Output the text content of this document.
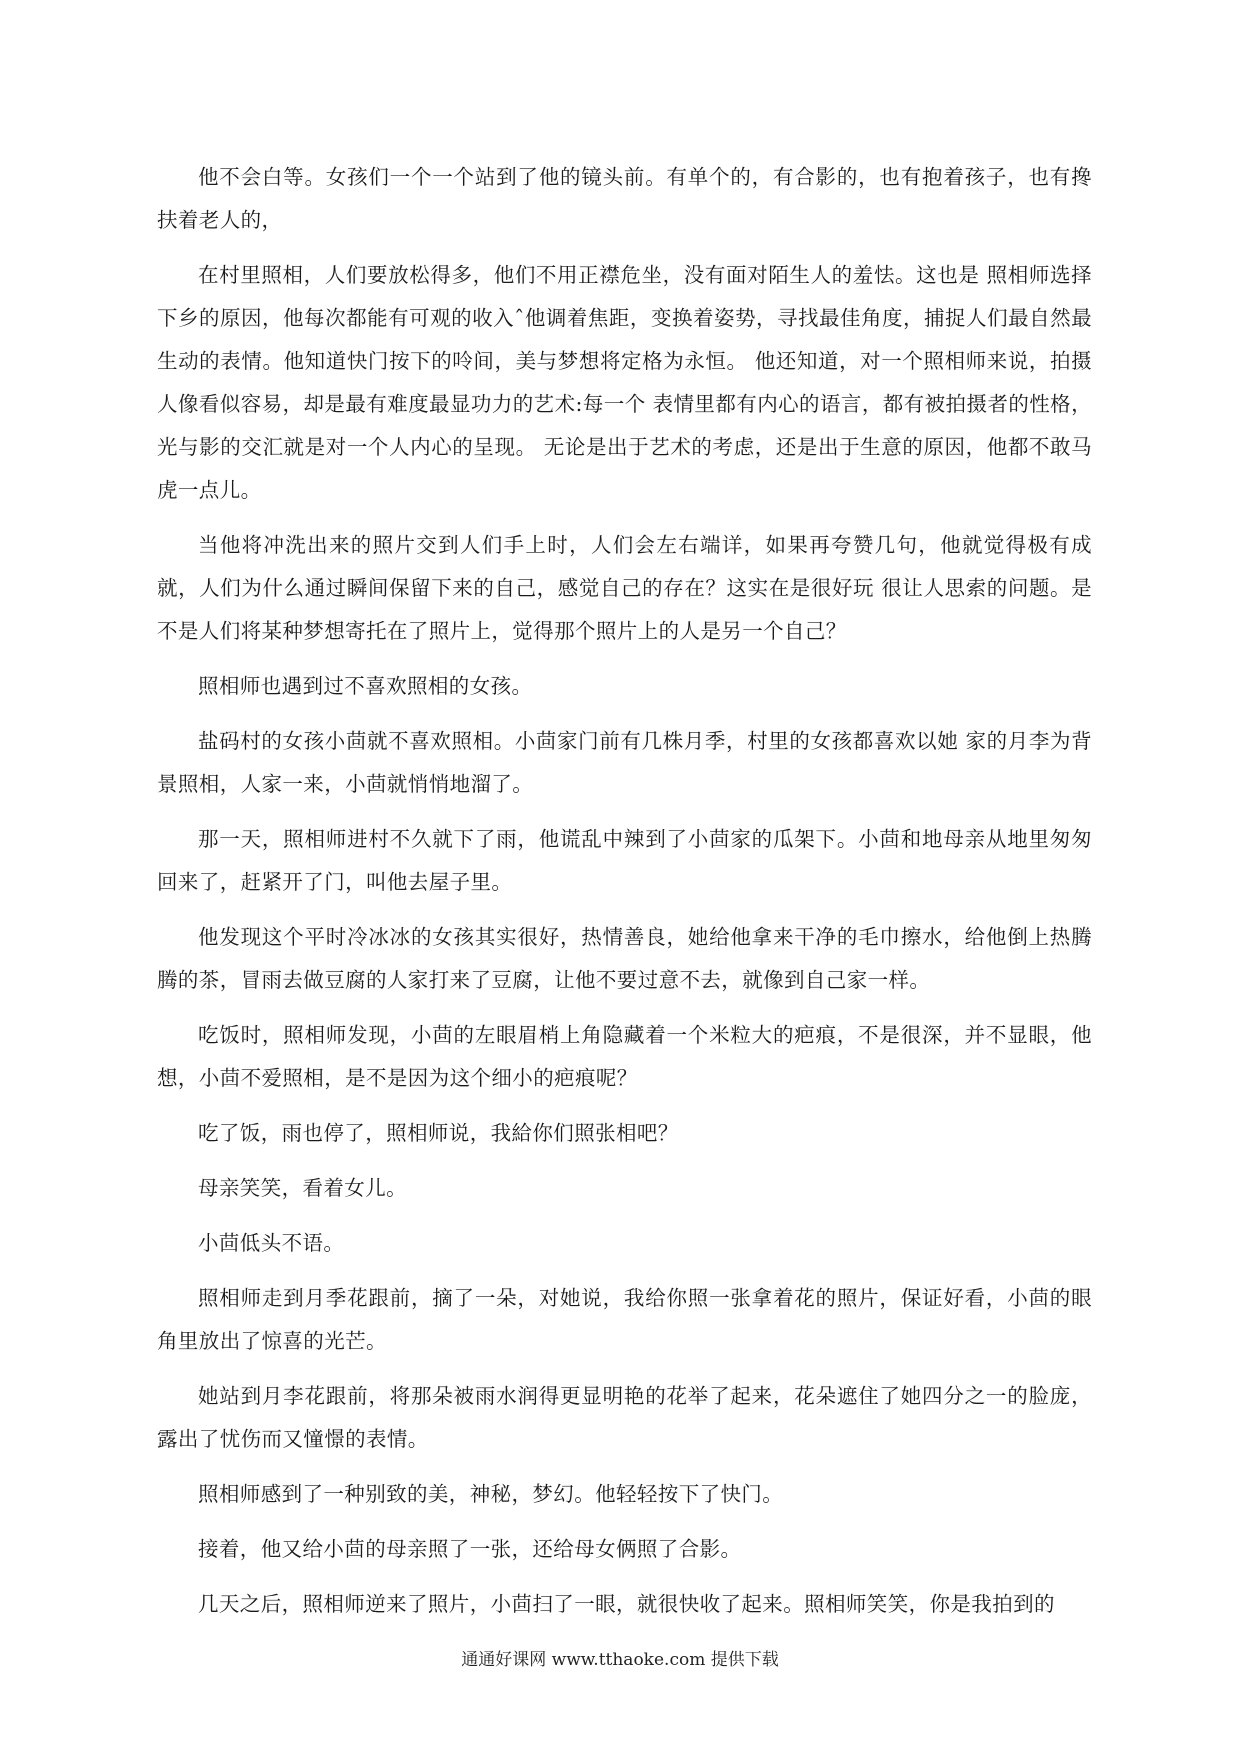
他不会白等。女孩们一个一个站到了他的镜头前。有单个的，有合影的，也有抱着孩子，也有搀扶着老人的，

在村里照相，人们要放松得多，他们不用正襟危坐，没有面对陌生人的羞怯。这也是 照相师选择下乡的原因，他每次都能有可观的收入ˆ他调着焦距，变换着姿势，寻找最佳角度，捕捉人们最自然最生动的表情。他知道快门按下的呤间，美与梦想将定格为永恒。 他还知道，对一个照相师来说，拍摄人像看似容易，却是最有难度最显功力的艺术:每一个 表情里都有内心的语言，都有被拍摄者的性格，光与影的交汇就是对一个人内心的呈现。 无论是出于艺术的考虑，还是出于生意的原因，他都不敢马虎一点儿。

当他将冲洗出来的照片交到人们手上时，人们会左右端详，如果再夸赞几句，他就觉得极有成就，人们为什么通过瞬间保留下来的自己，感觉自己的存在？这实在是很好玩 很让人思索的问题。是不是人们将某种梦想寄托在了照片上，觉得那个照片上的人是另一个自己？

照相师也遇到过不喜欢照相的女孩。

盐码村的女孩小茴就不喜欢照相。小茴家门前有几株月季，村里的女孩都喜欢以她 家的月李为背景照相，人家一来，小茴就悄悄地溜了。

那一天，照相师进村不久就下了雨，他谎乱中辣到了小茴家的瓜架下。小茴和地母亲从地里匆匆回来了，赶紧开了门，叫他去屋子里。

他发现这个平时冷冰冰的女孩其实很好，热情善良，她给他拿来干净的毛巾擦水，给他倒上热腾腾的茶，冒雨去做豆腐的人家打来了豆腐，让他不要过意不去，就像到自己家一样。

吃饭时，照相师发现，小茴的左眼眉梢上角隐藏着一个米粒大的疤痕，不是很深，并不显眼，他想，小茴不爱照相，是不是因为这个细小的疤痕呢？

吃了饭，雨也停了，照相师说，我給你们照张相吧？

母亲笑笑，看着女儿。

小茴低头不语。

照相师走到月季花跟前，摘了一朵，对她说，我给你照一张拿着花的照片，保证好看，小茴的眼角里放出了惊喜的光芒。

她站到月李花跟前，将那朵被雨水润得更显明艳的花举了起来，花朵遮住了她四分之一的脸庞，露出了忧伤而又憧憬的表情。

照相师感到了一种别致的美，神秘，梦幻。他轻轻按下了快门。

接着，他又给小茴的母亲照了一张，还给母女俩照了合影。

几天之后，照相师逆来了照片，小茴扫了一眼，就很快收了起来。照相师笑笑，你是我拍到的

通通好课网 www.tthaoke.com 提供下载
